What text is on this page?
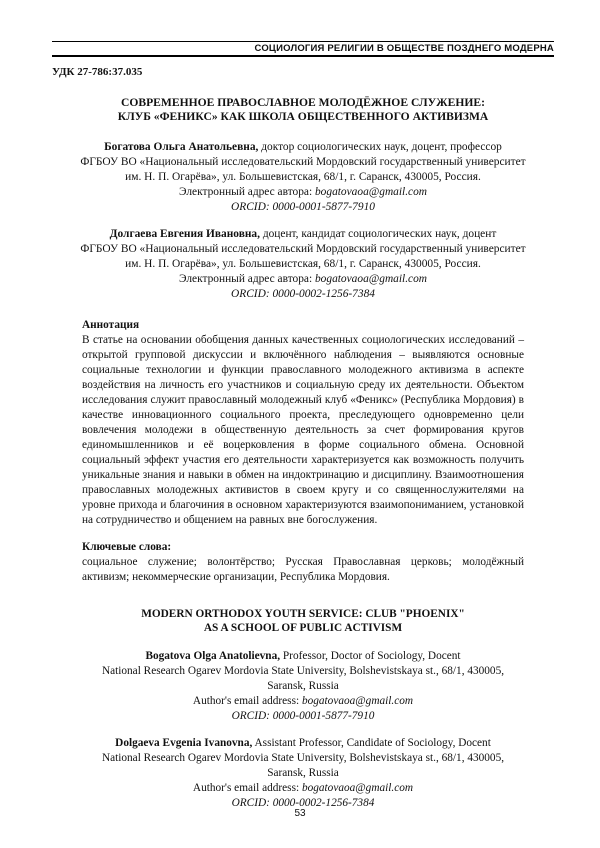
СОЦИОЛОГИЯ РЕЛИГИИ В ОБЩЕСТВЕ ПОЗДНЕГО МОДЕРНА
УДК 27-786:37.035
СОВРЕМЕННОЕ ПРАВОСЛАВНОЕ МОЛОДЁЖНОЕ СЛУЖЕНИЕ:
КЛУБ «ФЕНИКС» КАК ШКОЛА ОБЩЕСТВЕННОГО АКТИВИЗМА
Богатова Ольга Анатольевна, доктор социологических наук, доцент, профессор
ФГБОУ ВО «Национальный исследовательский Мордовский государственный университет
им. Н. П. Огарёва», ул. Большевистская, 68/1, г. Саранск, 430005, Россия.
Электронный адрес автора: bogatovaoa@gmail.com
ORCID: 0000-0001-5877-7910
Долгаева Евгения Ивановна, доцент, кандидат социологических наук, доцент
ФГБОУ ВО «Национальный исследовательский Мордовский государственный университет
им. Н. П. Огарёва», ул. Большевистская, 68/1, г. Саранск, 430005, Россия.
Электронный адрес автора: bogatovaoa@gmail.com
ORCID: 0000-0002-1256-7384
Аннотация

В статье на основании обобщения данных качественных социологических исследований – открытой групповой дискуссии и включённого наблюдения – выявляются основные социальные технологии и функции православного молодежного активизма в аспекте воздействия на личность его участников и социальную среду их деятельности. Объектом исследования служит православный молодежный клуб «Феникс» (Республика Мордовия) в качестве инновационного социального проекта, преследующего одновременно цели вовлечения молодежи в общественную деятельность за счет формирования кругов единомышленников и её воцерковления в форме социального обмена. Основной социальный эффект участия его деятельности характеризуется как возможность получить уникальные знания и навыки в обмен на индоктринацию и дисциплину. Взаимоотношения православных молодежных активистов в своем кругу и со священнослужителями на уровне прихода и благочиния в основном характеризуются взаимопониманием, установкой на сотрудничество и общением на равных вне богослужения.

Ключевые слова:

социальное служение; волонтёрство; Русская Православная церковь; молодёжный активизм; некоммерческие организации, Республика Мордовия.

MODERN ORTHODOX YOUTH SERVICE: CLUB "PHOENIX"
AS A SCHOOL OF PUBLIC ACTIVISM
Bogatova Olga Anatolievna, Professor, Doctor of Sociology, Docent
National Research Ogarev Mordovia State University, Bolshevistskaya st., 68/1, 430005,
Saransk, Russia
Author's email address: bogatovaoa@gmail.com
ORCID: 0000-0001-5877-7910
Dolgaeva Evgenia Ivanovna, Assistant Professor, Candidate of Sociology, Docent
National Research Ogarev Mordovia State University, Bolshevistskaya st., 68/1, 430005,
Saransk, Russia
Author's email address: bogatovaoa@gmail.com
ORCID: 0000-0002-1256-7384
53
